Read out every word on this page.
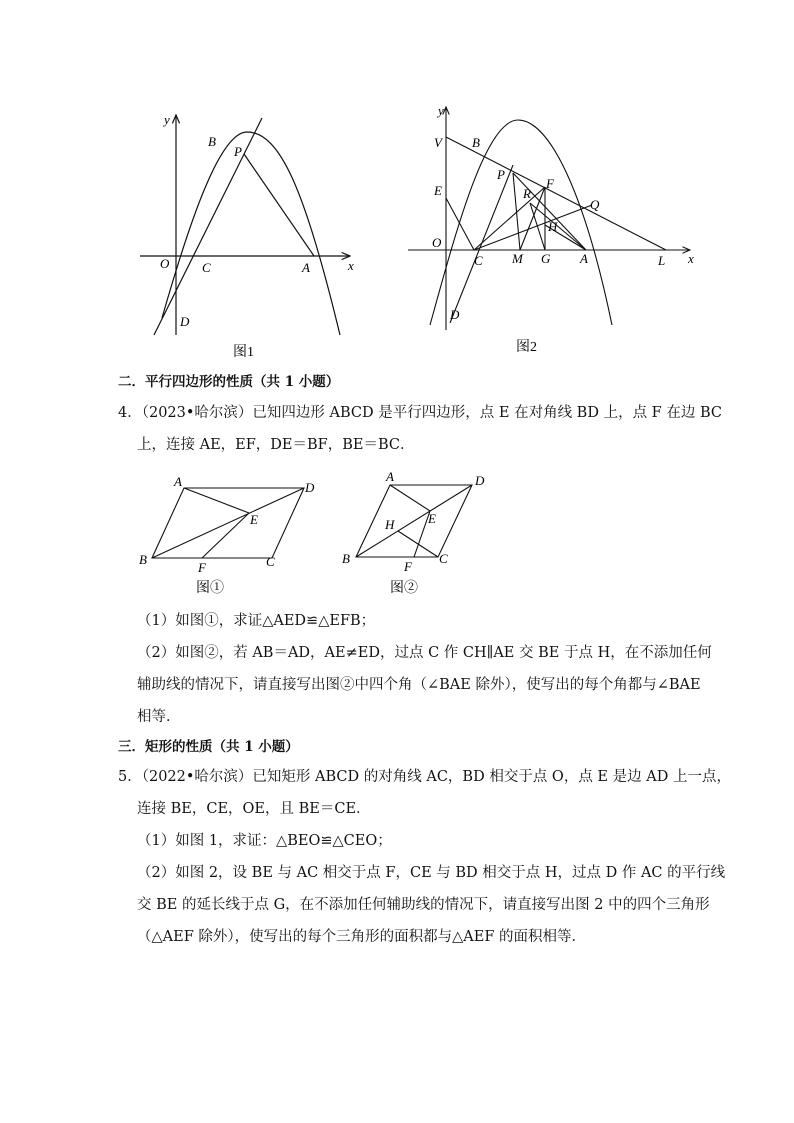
y
x
O
B
P
C	A
D
图1
y
x
O
V B
E
P
F
R
Q
H
C M G A	L
D
图2
二．平行四边形的性质（共 1 小题）
4．（2023•哈尔滨）已知四边形 ABCD 是平行四边形，点 E 在对角线 BD 上，点 F 在边 BC
上，连接 AE，EF，DE＝BF，BE＝BC．
A	D
E
B
F	C
图①
A	D
E
H
B
F
C
图②
（1）如图①，求证△AED≌△EFB；
（2）如图②，若 AB＝AD，AE≠ED，过点 C 作 CH∥AE 交 BE 于点 H，在不添加任何
辅助线的情况下，请直接写出图②中四个角（∠BAE 除外），使写出的每个角都与∠BAE
相等．
三．矩形的性质（共 1 小题）
5．（2022•哈尔滨）已知矩形 ABCD 的对角线 AC，BD 相交于点 O，点 E 是边 AD 上一点，
连接 BE，CE，OE，且 BE＝CE．
（1）如图 1，求证：△BEO≌△CEO；
（2）如图 2，设 BE 与 AC 相交于点 F，CE 与 BD 相交于点 H，过点 D 作 AC 的平行线
交 BE 的延长线于点 G，在不添加任何辅助线的情况下，请直接写出图 2 中的四个三角形
（△AEF 除外），使写出的每个三角形的面积都与△AEF 的面积相等．
